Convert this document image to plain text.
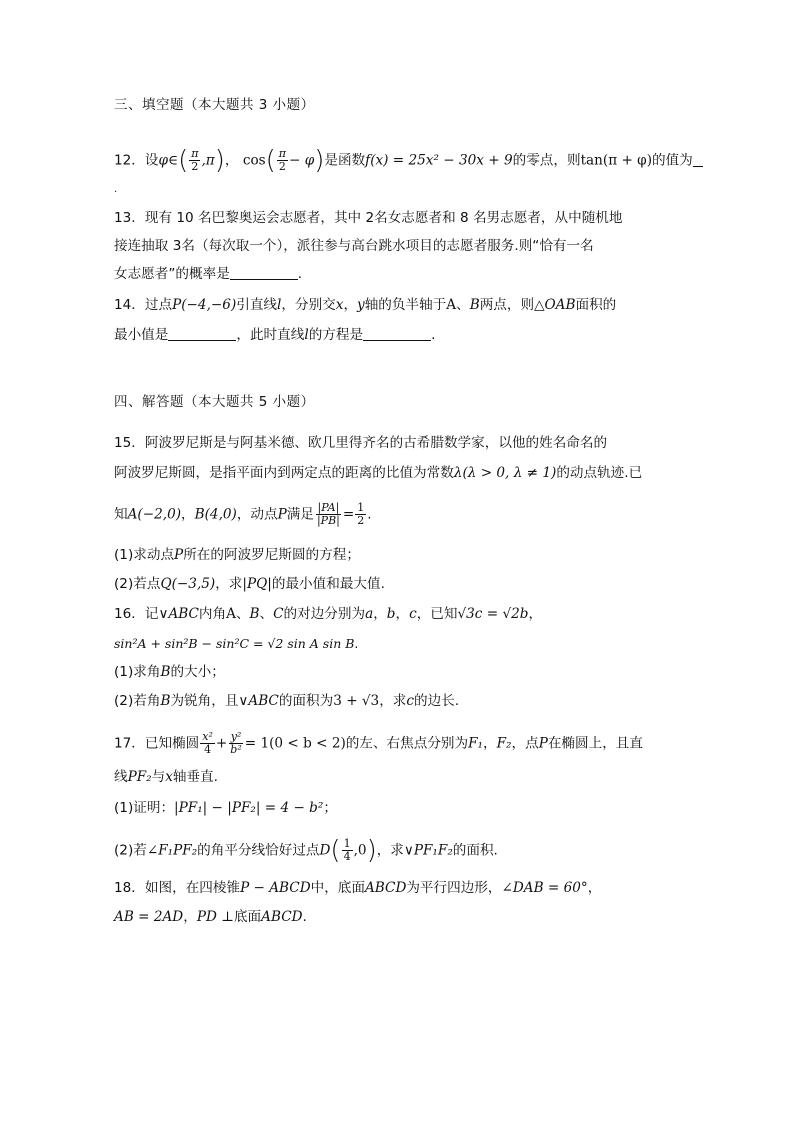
三、填空题（本大题共 3 小题）
12．设φ∈( $\frac{\pi}{2} ,\pi$)， $\cos( \frac{\pi}{2} - \varphi)$是函数f(x) = 25x² − 30x + 9的零点，则tan(π + φ)的值为
.
13．现有 10 名巴黎奥运会志愿者，其中 2名女志愿者和 8 名男志愿者，从中随机地
接连抽取 3名（每次取一个），派往参与高台跳水项目的志愿者服务.则“恰有一名
女志愿者”的概率是	.
14．过点P(−4,−6)引直线l，分别交x，y轴的负半轴于A、B两点，则△OAB面积的
最小值是	，此时直线l的方程是	.
四、解答题（本大题共 5 小题）
15．阿波罗尼斯是与阿基米德、欧几里得齐名的古希腊数学家，以他的姓名命名的
阿波罗尼斯圆，是指平面内到两定点的距离的比值为常数λ(λ > 0, λ ≠ 1)的动点轨迹.已
知A(−2,0)，B(4,0)，动点P满足 $\frac{|PA|}{|PB|} = \frac{1}{2}$ .
(1)求动点P所在的阿波罗尼斯圆的方程；
(2)若点Q(−3,5)，求|PQ|的最小值和最大值.
16．记∨ABC内角A、B、C的对边分别为a，b，c，已知√3c = √2b，
sin²A + sin²B − sin²C = √2 sin A sin B.
(1)求角B的大小；
(2)若角B为锐角，且∨ABC的面积为3 + √3，求c的边长.
17．已知椭圆 $\frac{\text{x²}}{4} + \frac{\text{y²}}{\text{b²}} = 1(0 < b < 2)$的左、右焦点分别为F₁，F₂，点P在椭圆上，且直
线PF₂与x轴垂直.
(1)证明：|PF₁| − |PF₂| = 4 − b²；
(2)若∠F₁PF₂的角平分线恰好过点$D( \frac{1}{4} ,0)$，求∨PF₁F₂的面积.
18．如图，在四棱锥P − ABCD中，底面ABCD为平行四边形，∠DAB = 60°，
AB = 2AD，PD ⊥底面ABCD.
